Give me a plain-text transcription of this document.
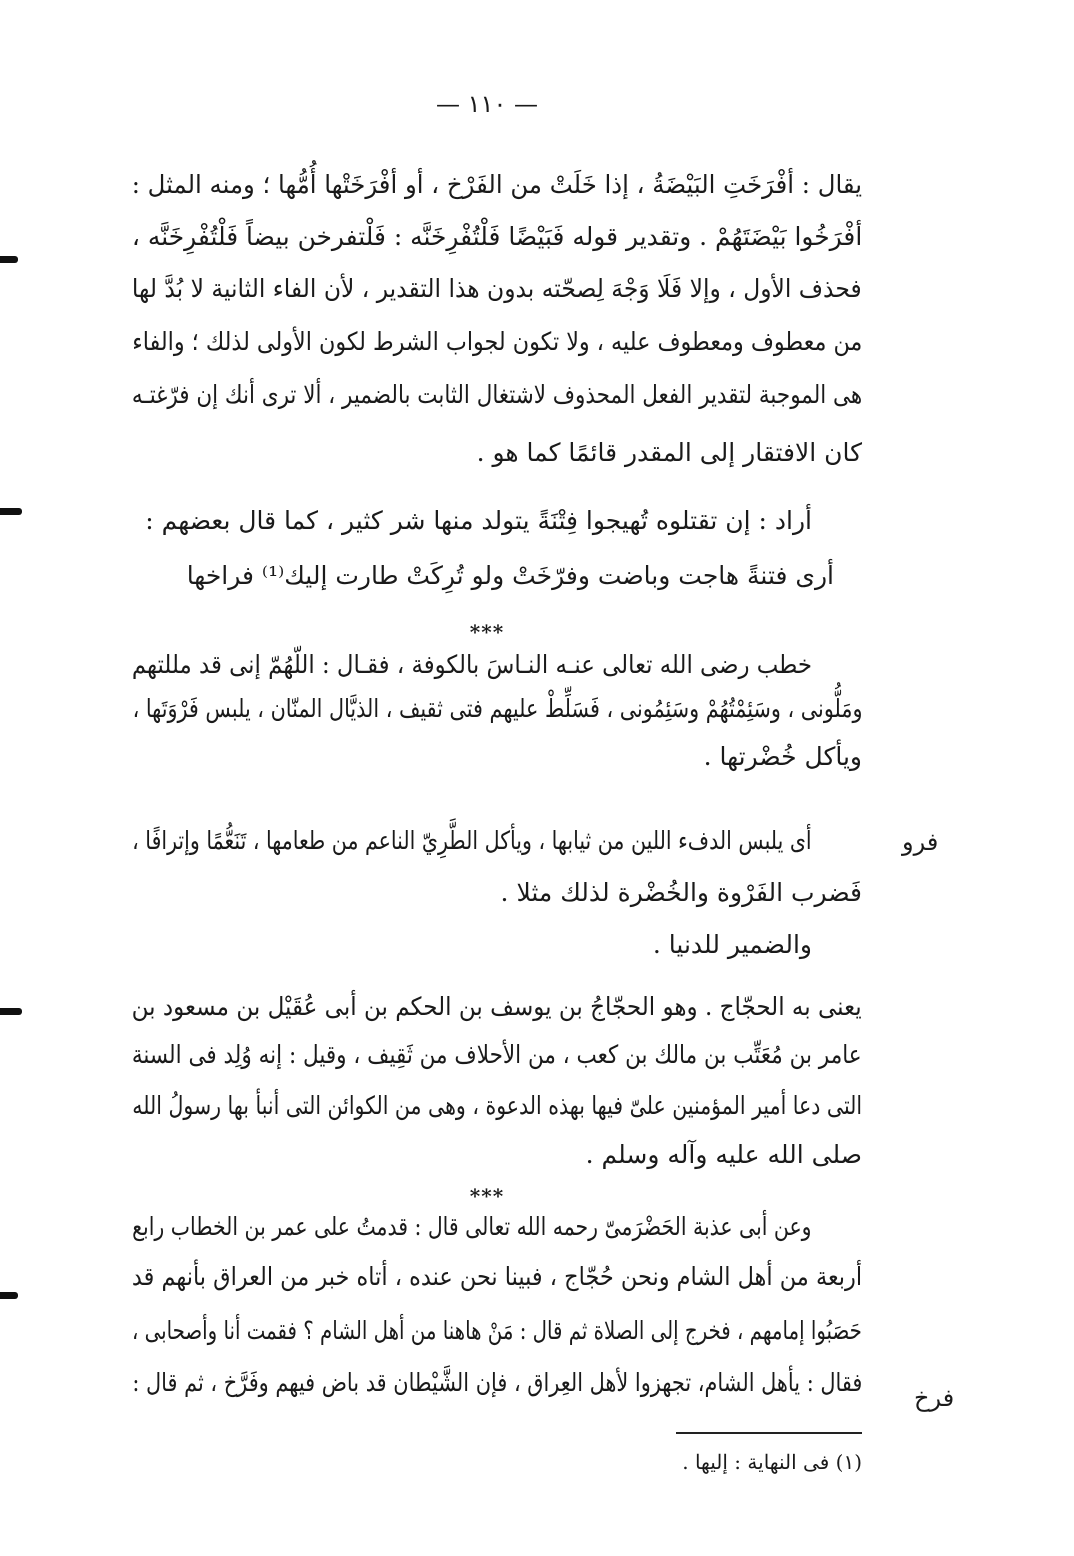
— ١١٠ —
يقال : أفْرَخَتِ البَيْضَةُ ، إذا خَلَتْ من الفَرْخ ، أو أفْرَخَتْها أُمُّها ؛ ومنه المثل :
أفْرَخُوا بَيْضَتَهُمْ . وتقدير قوله فَبَيْضًا فَلْتُفْرِخَنَّه : فَلْتفرخن بيضاً فَلْتُفْرِخَنَّه ،
فحذف الأول ، وإلا فَلَا وَجْهَ لِصحّته بدون هذا التقدير ، لأن الفاء الثانية لا بُدَّ لها
من معطوف ومعطوف عليه ، ولا تكون لجواب الشرط لكون الأولى لذلك ؛ والفاء
هى الموجبة لتقدير الفعل المحذوف لاشتغال الثابت بالضمير ، ألا ترى أنك إن فرّغتـه
كان الافتقار إلى المقدر قائمًا كما هو .
أراد : إن تقتلوه تُهيجوا فِتْنَةً يتولد منها شر كثير ، كما قال بعضهم :
أرى فتنةً هاجت وباضت وفرّخَتْ ولو تُرِكَتْ طارت إليك⁽¹⁾ فراخها
***
خطب رضى الله تعالى عنـه النـاسَ بالكوفة ، فقـال : اللّهُمّ إنى قد مللتهم
ومَلُّونى ، وسَئِمْتُهُمْ وسَئِمُونى ، فَسَلِّطْ عليهم فتى ثقيف ، الذيَّال المنّان ، يلبس فَرْوَتَها ،
ويأكل خُضْرتها .
أى يلبس الدفء اللين من ثيابها ، ويأكل الطَّرِيّ الناعم من طعامها ، تَنَعُّمًا وإترافًا ،
فَضرب الفَرْوة والخُضْرة لذلك مثلا .
والضمير للدنيا .
يعنى به الحجّاج . وهو الحجّاجُ بن يوسف بن الحكم بن أبى عُقَيْل بن مسعود بن
عامر بن مُعَتِّب بن مالك بن كعب ، من الأحلاف من ثَقِيف ، وقيل : إنه وُلِد فى السنة
التى دعا أمير المؤمنين علىّ فيها بهذه الدعوة ، وهى من الكوائن التى أنبأ بها رسولُ الله
صلى الله عليه وآله وسلم .
***
وعن أبى عذبة الحَضْرَمىّ رحمه الله تعالى قال : قدمتُ على عمر بن الخطاب رابع
أربعة من أهل الشام ونحن حُجّاج ، فبينا نحن عنده ، أتاه خبر من العراق بأنهم قد
حَصَبُوا إمامهم ، فخرج إلى الصلاة ثم قال : مَنْ هاهنا من أهل الشام ؟ فقمت أنا وأصحابى ،
فقال : يأهل الشام، تجهزوا لأهل العِراق ، فإن الشَّيْطان قد باض فيهم وفَرَّخ ، ثم قال :
فرو
فرخ
(١) فى النهاية : إليها .
